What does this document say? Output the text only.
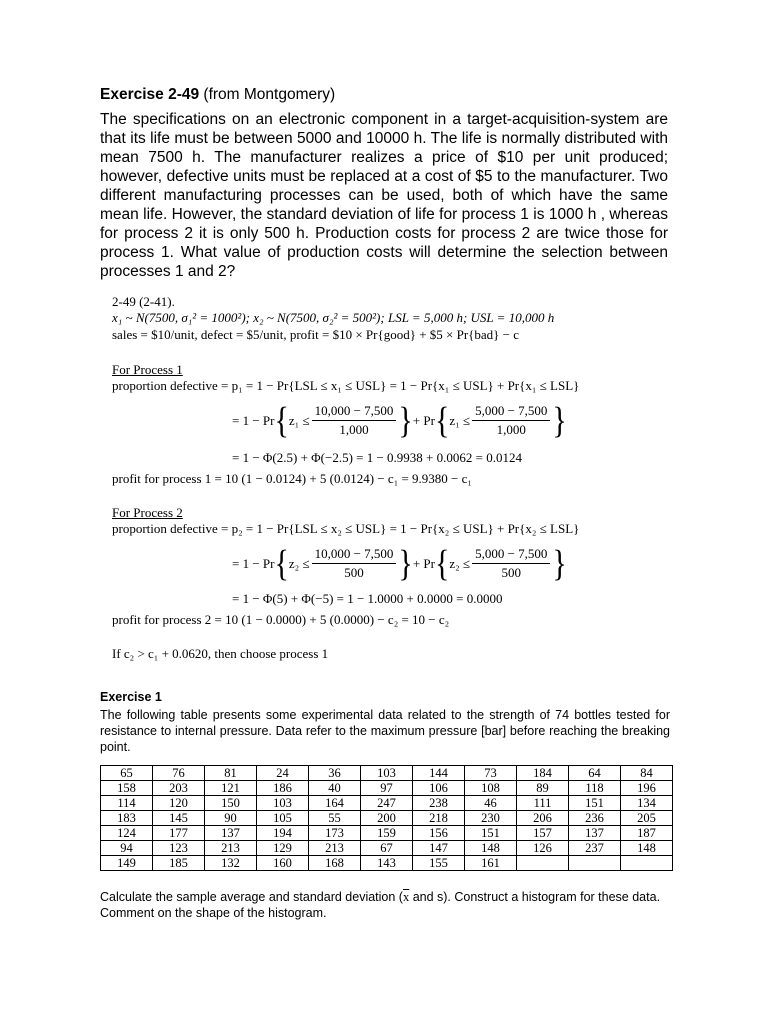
Exercise 2-49 (from Montgomery)
The specifications on an electronic component in a target-acquisition-system are that its life must be between 5000 and 10000 h. The life is normally distributed with mean 7500 h. The manufacturer realizes a price of $10 per unit produced; however, defective units must be replaced at a cost of $5 to the manufacturer. Two different manufacturing processes can be used, both of which have the same mean life. However, the standard deviation of life for process 1 is 1000 h , whereas for process 2 it is only 500 h. Production costs for process 2 are twice those for process 1. What value of production costs will determine the selection between processes 1 and 2?
2-49 (2-41).
x₁ ~ N(7500, σ₁² = 1000²); x₂ ~ N(7500, σ₂² = 500²); LSL = 5,000 h; USL = 10,000 h
sales = $10/unit, defect = $5/unit, profit = $10 × Pr{good} + $5 × Pr{bad} − c
For Process 1
proportion defective = p₁ = 1 − Pr{LSL ≤ x₁ ≤ USL} = 1 − Pr{x₁ ≤ USL} + Pr{x₁ ≤ LSL}
= $1 - Pr\{z_1 \le \frac{10,000 - 7,500}{1,000}$ }+ $Pr\{z_1 \le \frac{5,000 - 7,500}{1,000}$ }
= 1 − Φ(2.5) + Φ(−2.5) = 1 − 0.9938 + 0.0062 = 0.0124
profit for process 1 = 10 (1 − 0.0124) + 5 (0.0124) − c₁ = 9.9380 − c₁
For Process 2
proportion defective = p₂ = 1 − Pr{LSL ≤ x₂ ≤ USL} = 1 − Pr{x₂ ≤ USL} + Pr{x₂ ≤ LSL}
= $1 - Pr\{z_2 \le \frac{10,000 - 7,500}{500}$ }+ $Pr\{z_2 \le \frac{5,000 - 7,500}{500}$ }
= 1 − Φ(5) + Φ(−5) = 1 − 1.0000 + 0.0000 = 0.0000
profit for process 2 = 10 (1 − 0.0000) + 5 (0.0000) − c₂ = 10 − c₂
If c₂ > c₁ + 0.0620, then choose process 1
Exercise 1
The following table presents some experimental data related to the strength of 74 bottles tested for resistance to internal pressure. Data refer to the maximum pressure [bar] before reaching the breaking point.
65	76	81	24	36	103	144	73	184	64	84
158	203	121	186	40	97	106	108	89	118	196
114	120	150	103	164	247	238	46	111	151	134
183	145	90	105	55	200	218	230	206	236	205
124	177	137	194	173	159	156	151	157	137	187
94	123	213	129	213	67	147	148	126	237	148
149	185	132	160	168	143	155	161			
Calculate the sample average and standard deviation ($\overline{x}$ and s). Construct a histogram for these data. Comment on the shape of the histogram.
